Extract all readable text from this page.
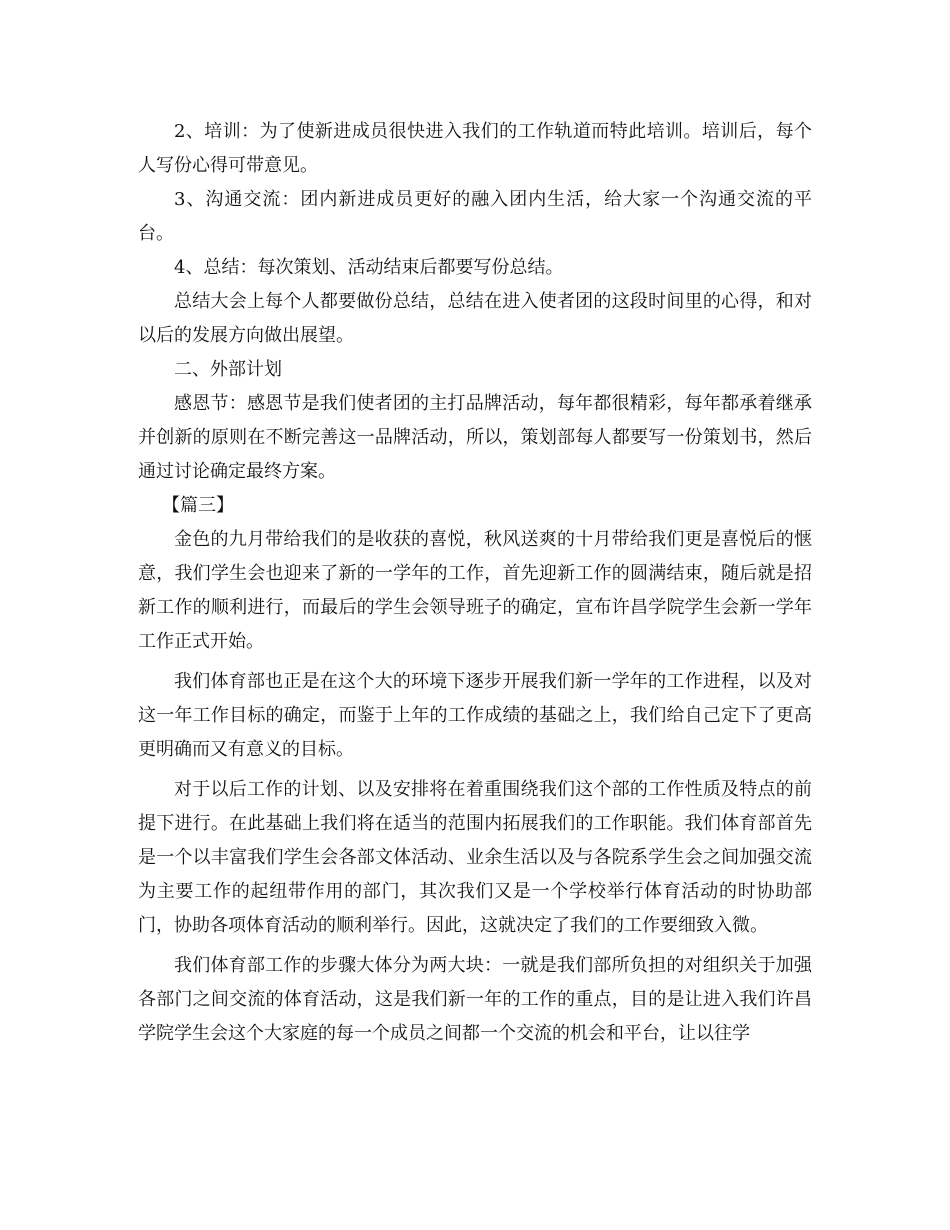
2、培训：为了使新进成员很快进入我们的工作轨道而特此培训。培训后，每个人写份心得可带意见。

3、沟通交流：团内新进成员更好的融入团内生活，给大家一个沟通交流的平台。

4、总结：每次策划、活动结束后都要写份总结。

总结大会上每个人都要做份总结，总结在进入使者团的这段时间里的心得，和对以后的发展方向做出展望。

二、外部计划

感恩节：感恩节是我们使者团的主打品牌活动，每年都很精彩，每年都承着继承并创新的原则在不断完善这一品牌活动，所以，策划部每人都要写一份策划书，然后通过讨论确定最终方案。

【篇三】

金色的九月带给我们的是收获的喜悦，秋风送爽的十月带给我们更是喜悦后的惬意，我们学生会也迎来了新的一学年的工作，首先迎新工作的圆满结束，随后就是招新工作的顺利进行，而最后的学生会领导班子的确定，宣布许昌学院学生会新一学年工作正式开始。

我们体育部也正是在这个大的环境下逐步开展我们新一学年的工作进程，以及对这一年工作目标的确定，而鉴于上年的工作成绩的基础之上，我们给自己定下了更高更明确而又有意义的目标。

对于以后工作的计划、以及安排将在着重围绕我们这个部的工作性质及特点的前提下进行。在此基础上我们将在适当的范围内拓展我们的工作职能。我们体育部首先是一个以丰富我们学生会各部文体活动、业余生活以及与各院系学生会之间加强交流为主要工作的起纽带作用的部门，其次我们又是一个学校举行体育活动的时协助部门，协助各项体育活动的顺利举行。因此，这就决定了我们的工作要细致入微。

我们体育部工作的步骤大体分为两大块：一就是我们部所负担的对组织关于加强各部门之间交流的体育活动，这是我们新一年的工作的重点，目的是让进入我们许昌学院学生会这个大家庭的每一个成员之间都一个交流的机会和平台，让以往学
